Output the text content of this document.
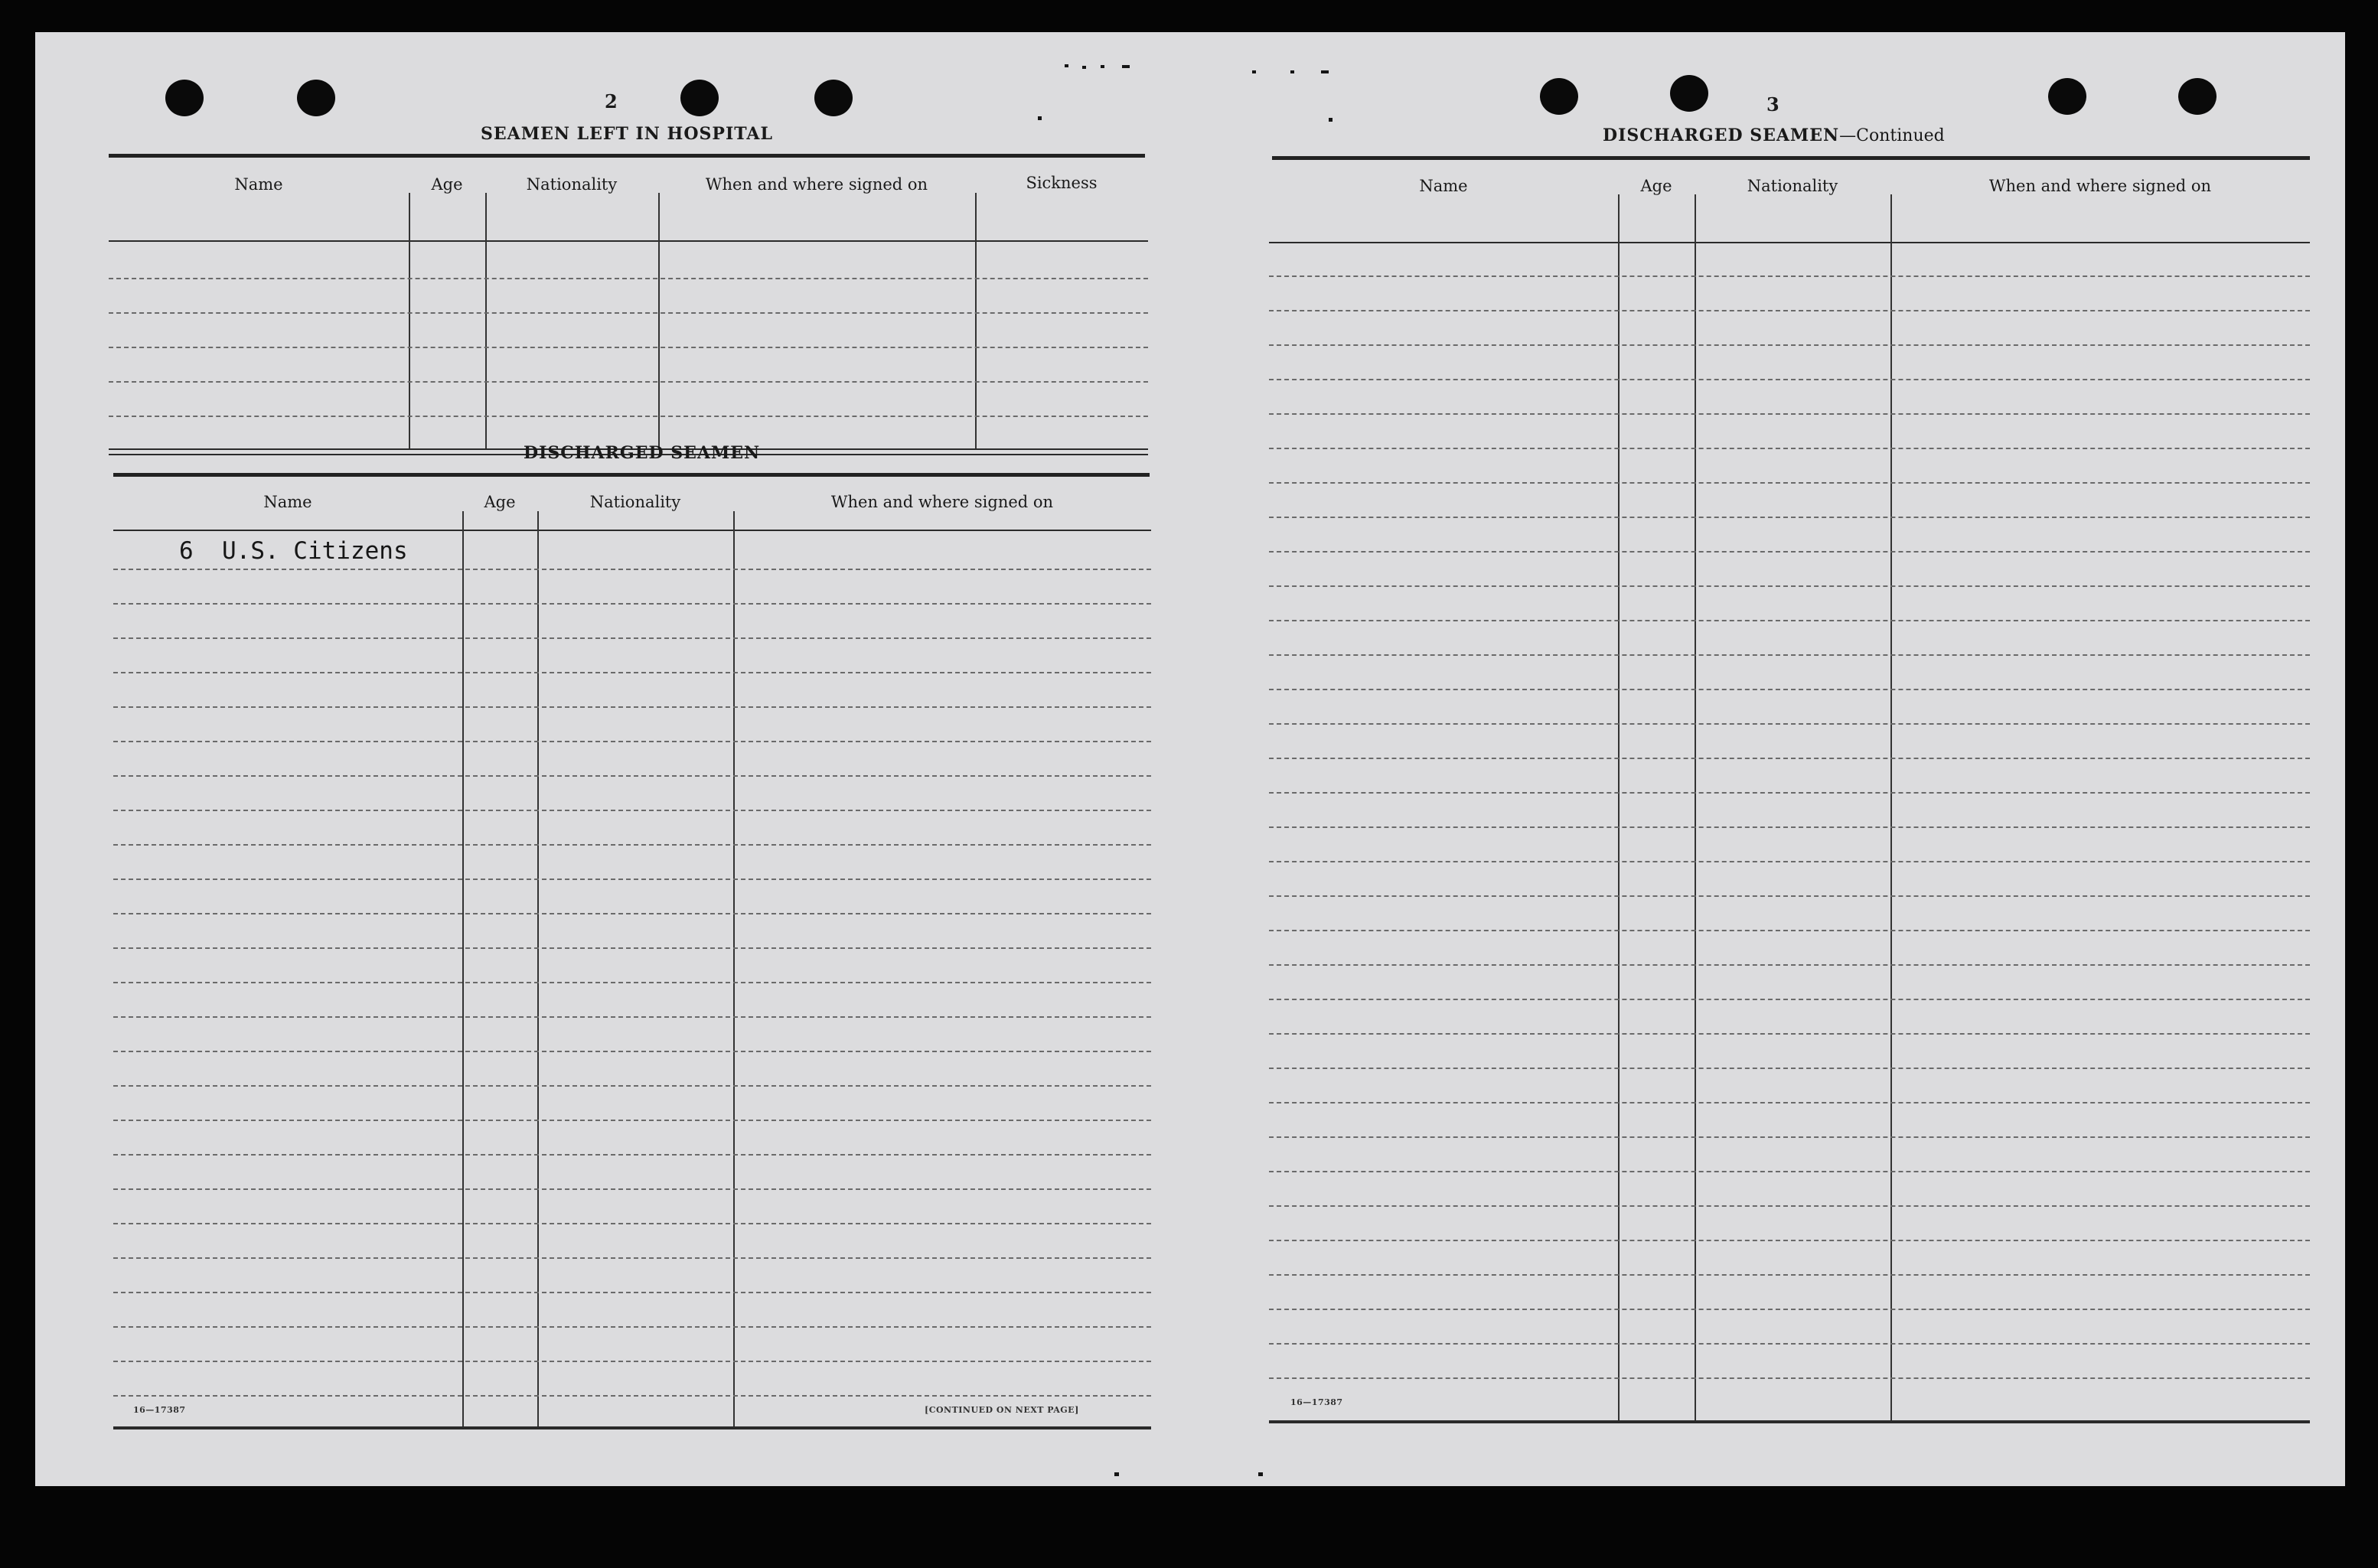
2
SEAMEN LEFT IN HOSPITAL
Name	Age	Nationality	When and where signed on	Sickness
DISCHARGED SEAMEN
Name	Age	Nationality	When and where signed on
6  U.S. Citizens
16—17387	[CONTINUED ON NEXT PAGE]
3
DISCHARGED SEAMEN—Continued
Name	Age	Nationality	When and where signed on
16—17387
